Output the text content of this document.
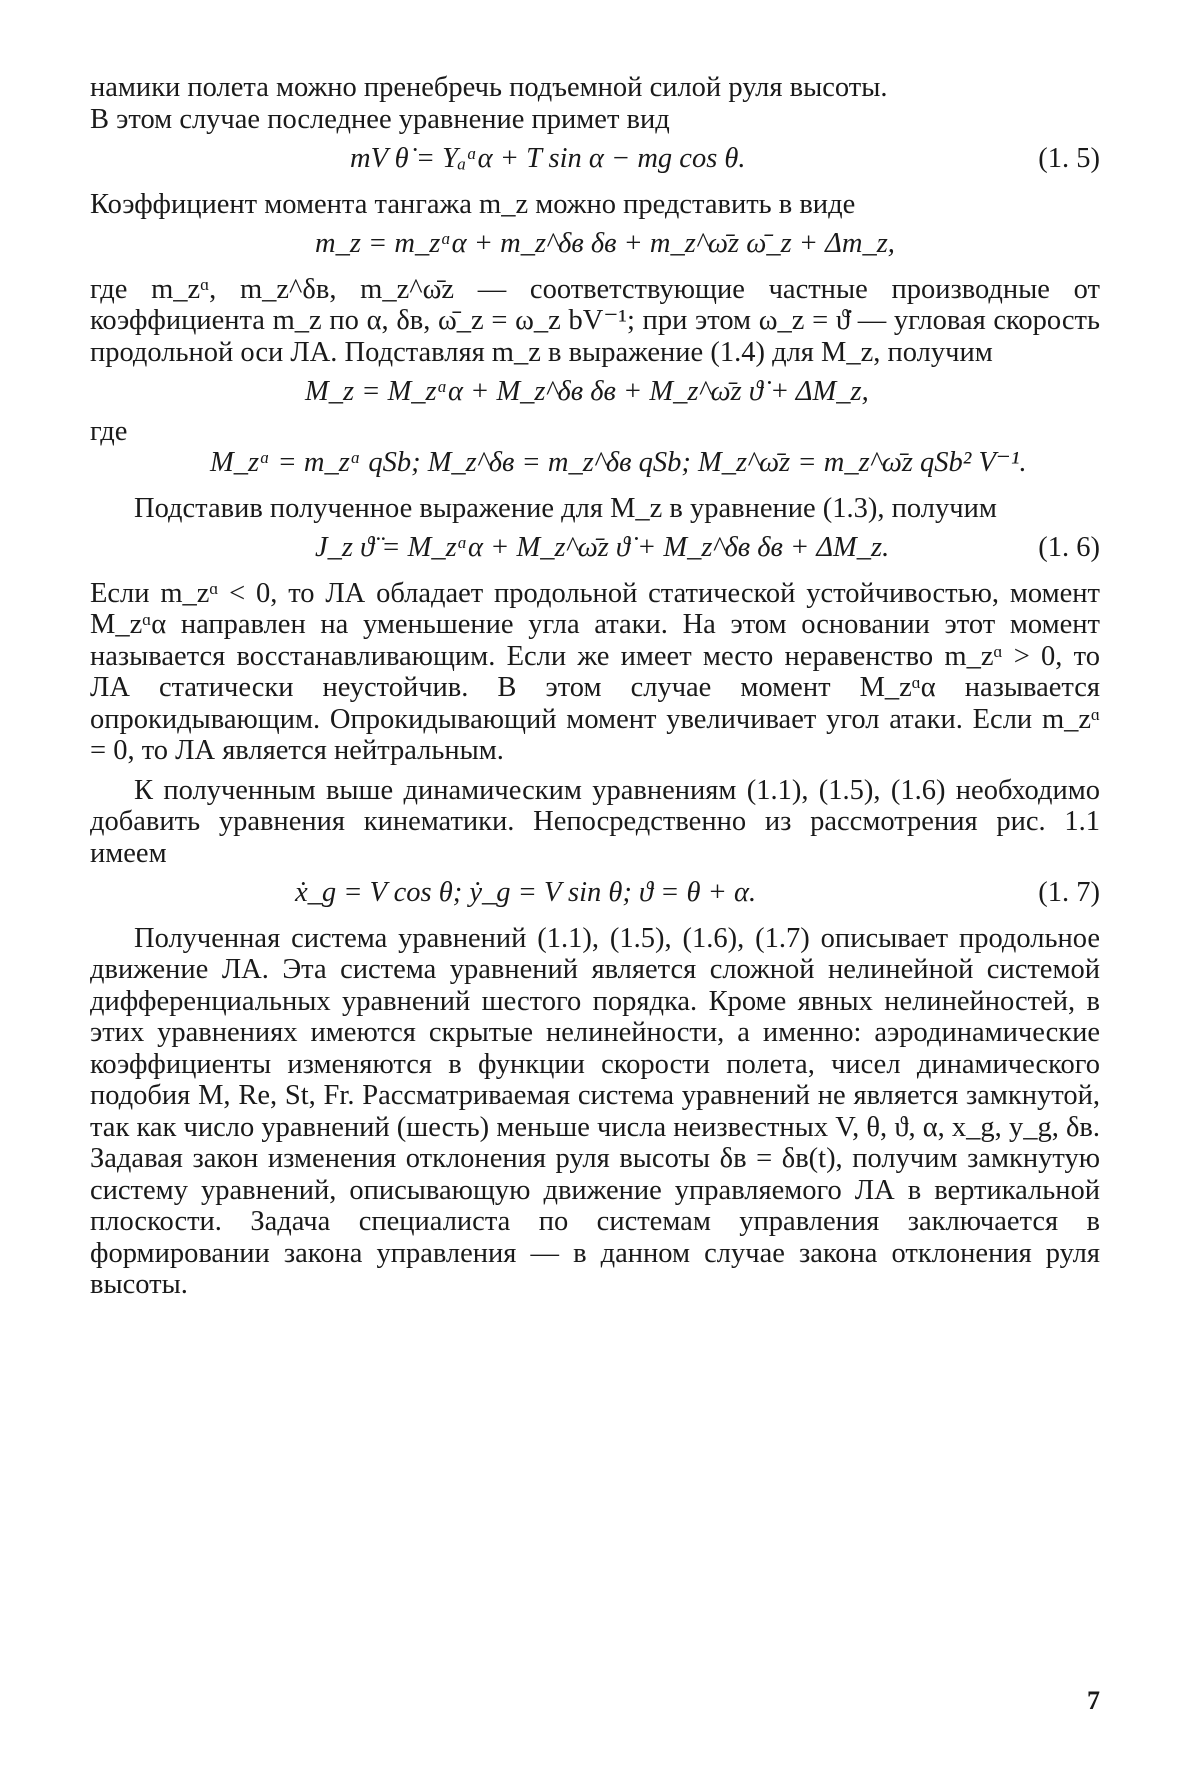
намики полета можно пренебречь подъемной силой руля высоты.
В этом случае последнее уравнение примет вид

mV θ̇ = Yₐᵅα + T sin α − mg cos θ.	(1. 5)

Коэффициент момента тангажа m_z можно представить в виде

m_z = m_zᵅα + m_z^δв δв + m_z^ω̄z ω̄_z + Δm_z,

где m_zᵅ, m_z^δв, m_z^ω̄z — соответствующие частные производные от коэффициента m_z по α, δв, ω̄_z = ω_z bV⁻¹; при этом ω_z = ϑ̇ — угловая скорость продольной оси ЛА. Подставляя m_z в выражение (1.4) для M_z, получим

M_z = M_zᵅα + M_z^δв δв + M_z^ω̄z ϑ̇ + ΔM_z,

где

M_zᵅ = m_zᵅ qSb; M_z^δв = m_z^δв qSb; M_z^ω̄z = m_z^ω̄z qSb² V⁻¹.

Подставив полученное выражение для M_z в уравнение (1.3), получим

J_z ϑ̈ = M_zᵅα + M_z^ω̄z ϑ̇ + M_z^δв δв + ΔM_z.	(1. 6)

Если m_zᵅ < 0, то ЛА обладает продольной статической устойчивостью, момент M_zᵅα направлен на уменьшение угла атаки. На этом основании этот момент называется восстанавливающим. Если же имеет место неравенство m_zᵅ > 0, то ЛА статически неустойчив. В этом случае момент M_zᵅα называется опрокидывающим. Опрокидывающий момент увеличивает угол атаки. Если m_zᵅ = 0, то ЛА является нейтральным.

К полученным выше динамическим уравнениям (1.1), (1.5), (1.6) необходимо добавить уравнения кинематики. Непосредственно из рассмотрения рис. 1.1 имеем

ẋ_g = V cos θ; ẏ_g = V sin θ; ϑ = θ + α.	(1. 7)

Полученная система уравнений (1.1), (1.5), (1.6), (1.7) описывает продольное движение ЛА. Эта система уравнений является сложной нелинейной системой дифференциальных уравнений шестого порядка. Кроме явных нелинейностей, в этих уравнениях имеются скрытые нелинейности, а именно: аэродинамические коэффициенты изменяются в функции скорости полета, чисел динамического подобия M, Re, St, Fr. Рассматриваемая система уравнений не является замкнутой, так как число уравнений (шесть) меньше числа неизвестных V, θ, ϑ, α, x_g, y_g, δв. Задавая закон изменения отклонения руля высоты δв = δв(t), получим замкнутую систему уравнений, описывающую движение управляемого ЛА в вертикальной плоскости. Задача специалиста по системам управления заключается в формировании закона управления — в данном случае закона отклонения руля высоты.

7
